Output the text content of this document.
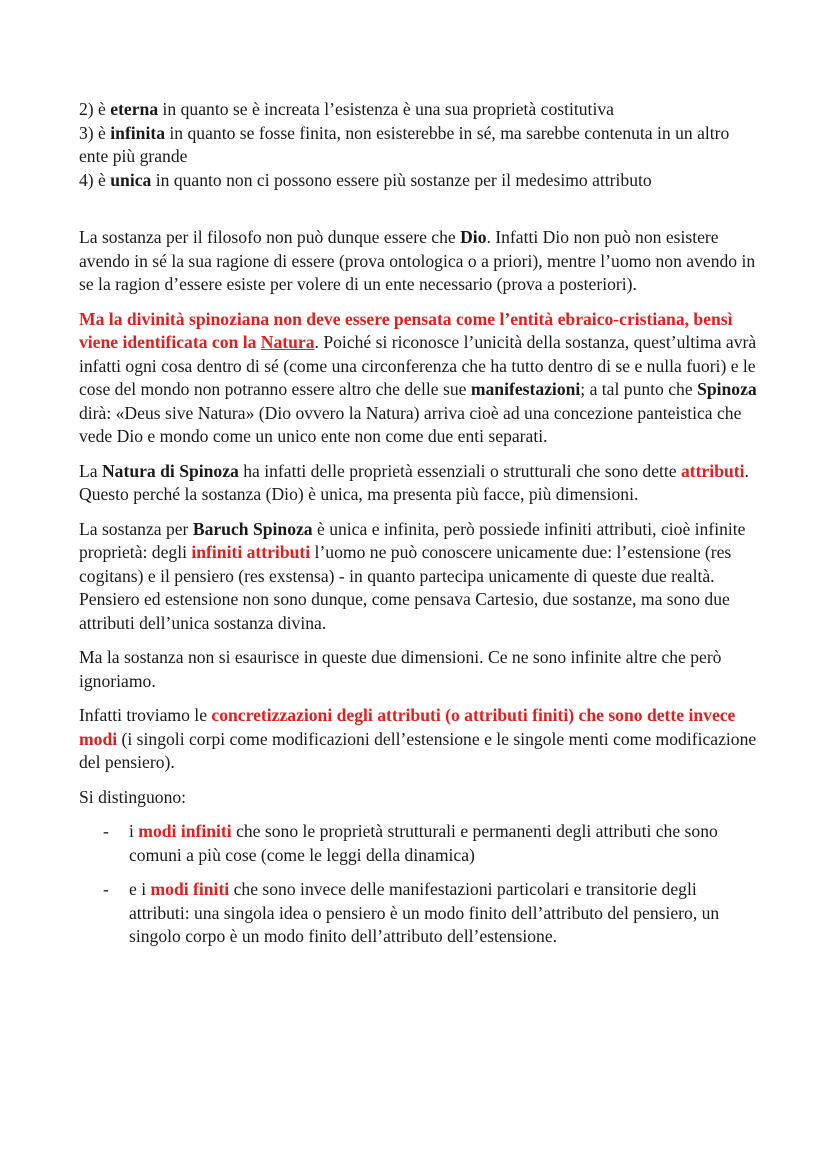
2) è eterna in quanto se è increata l’esistenza è una sua proprietà costitutiva

3) è infinita in quanto se fosse finita, non esisterebbe in sé, ma sarebbe contenuta in un altro ente più grande

4) è unica in quanto non ci possono essere più sostanze per il medesimo attributo

La sostanza per il filosofo non può dunque essere che Dio. Infatti Dio non può non esistere avendo in sé la sua ragione di essere (prova ontologica o a priori), mentre l’uomo non avendo in se la ragion d’essere esiste per volere di un ente necessario (prova a posteriori).

Ma la divinità spinoziana non deve essere pensata come l’entità ebraico-cristiana, bensì viene identificata con la Natura. Poiché si riconosce l’unicità della sostanza, quest’ultima avrà infatti ogni cosa dentro di sé (come una circonferenza che ha tutto dentro di se e nulla fuori) e le cose del mondo non potranno essere altro che delle sue manifestazioni; a tal punto che Spinoza dirà: «Deus sive Natura» (Dio ovvero la Natura) arriva cioè ad una concezione panteistica che vede Dio e mondo come un unico ente non come due enti separati.

La Natura di Spinoza ha infatti delle proprietà essenziali o strutturali che sono dette attributi. Questo perché la sostanza (Dio) è unica, ma presenta più facce, più dimensioni.

La sostanza per Baruch Spinoza è unica e infinita, però possiede infiniti attributi, cioè infinite proprietà: degli infiniti attributi l’uomo ne può conoscere unicamente due: l’estensione (res cogitans) e il pensiero (res exstensa) - in quanto partecipa unicamente di queste due realtà. Pensiero ed estensione non sono dunque, come pensava Cartesio, due sostanze, ma sono due attributi dell’unica sostanza divina.

Ma la sostanza non si esaurisce in queste due dimensioni. Ce ne sono infinite altre che però ignoriamo.

Infatti troviamo le concretizzazioni degli attributi (o attributi finiti) che sono dette invece modi (i singoli corpi come modificazioni dell’estensione e le singole menti come modificazione del pensiero).

Si distinguono:

- i modi infiniti che sono le proprietà strutturali e permanenti degli attributi che sono comuni a più cose (come le leggi della dinamica)
- e i modi finiti che sono invece delle manifestazioni particolari e transitorie degli attributi: una singola idea o pensiero è un modo finito dell’attributo del pensiero, un singolo corpo è un modo finito dell’attributo dell’estensione.
